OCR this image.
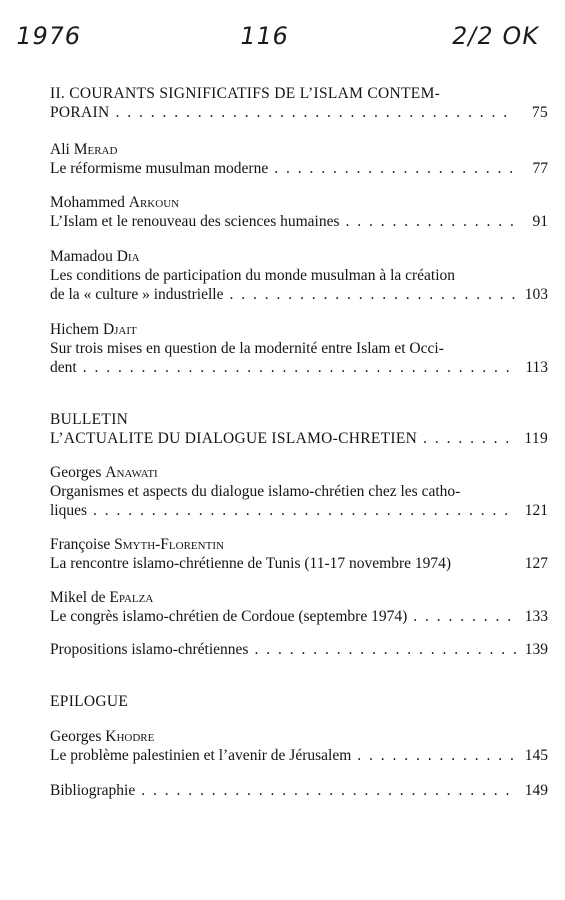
1976	116	2/2 OK
II. COURANTS SIGNIFICATIFS DE L’ISLAM CONTEM-
PORAIN . . .	75
Ali Merad
Le réformisme musulman moderne . . .	77
Mohammed Arkoun
L’Islam et le renouveau des sciences humaines . . .	91
Mamadou Dia
Les conditions de participation du monde musulman à la création
de la « culture » industrielle . . .	103
Hichem Djait
Sur trois mises en question de la modernité entre Islam et Occi-
dent . . .	113
BULLETIN
L’ACTUALITE DU DIALOGUE ISLAMO-CHRETIEN . . .	119
Georges Anawati
Organismes et aspects du dialogue islamo-chrétien chez les catho-
liques . . .	121
Françoise Smyth-Florentin
La rencontre islamo-chrétienne de Tunis (11-17 novembre 1974)	127
Mikel de Epalza
Le congrès islamo-chrétien de Cordoue (septembre 1974) . . .	133
Propositions islamo-chrétiennes . . .	139
EPILOGUE
Georges Khodre
Le problème palestinien et l’avenir de Jérusalem . . .	145
Bibliographie . . .	149
